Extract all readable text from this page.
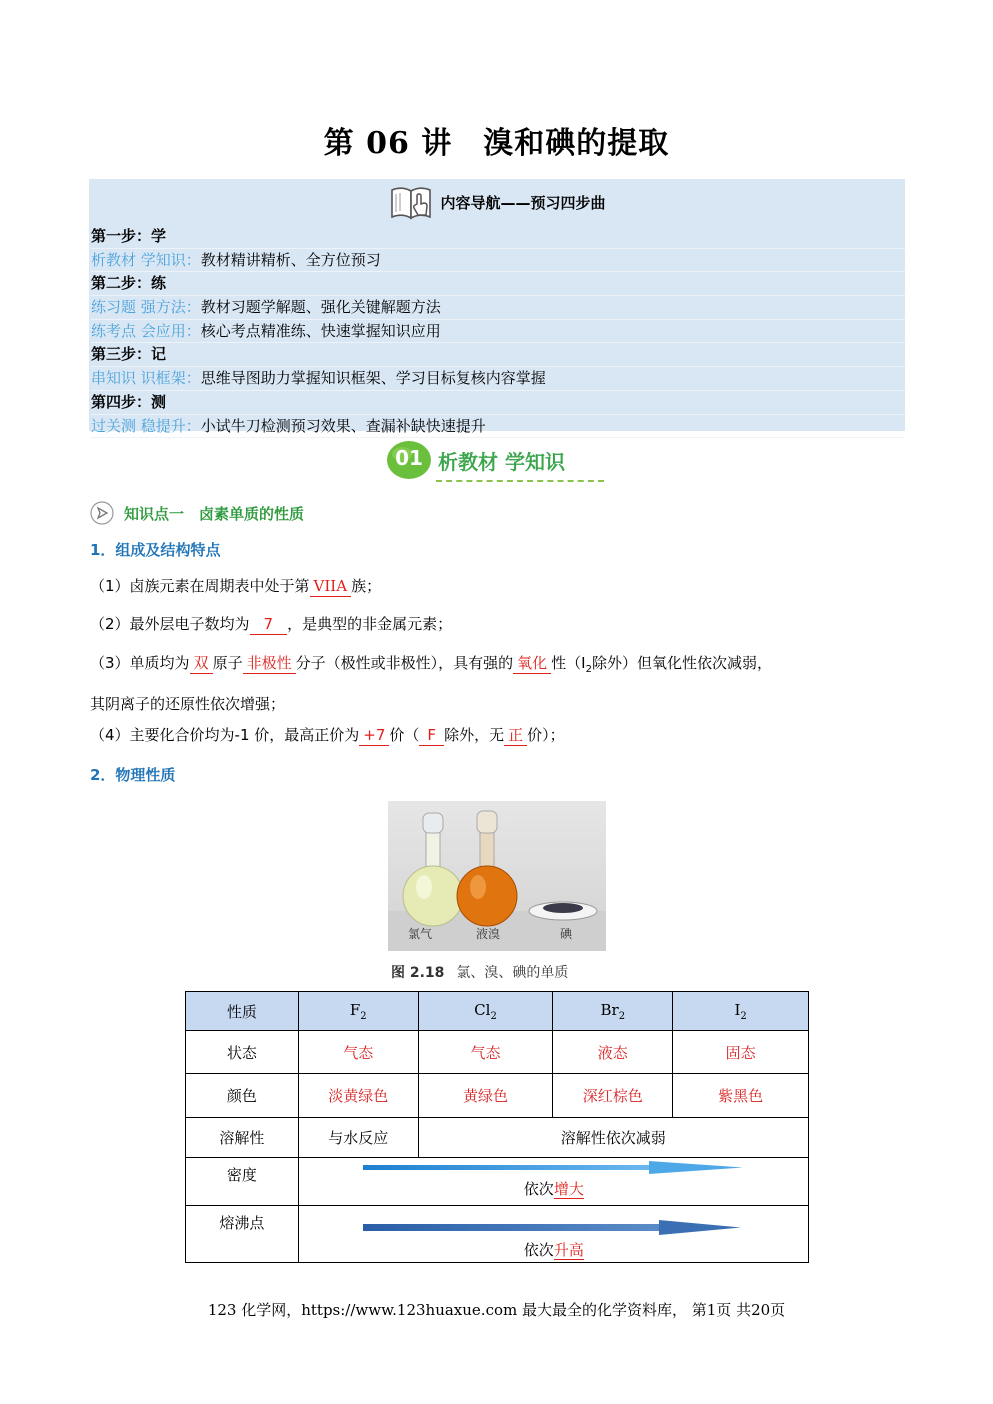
第 06 讲　溴和碘的提取
内容导航——预习四步曲
第一步：学
析教材 学知识：教材精讲精析、全方位预习
第二步：练
练习题 强方法：教材习题学解题、强化关键解题方法
练考点 会应用：核心考点精准练、快速掌握知识应用
第三步：记
串知识 识框架：思维导图助力掌握知识框架、学习目标复核内容掌握
第四步：测
过关测 稳提升：小试牛刀检测预习效果、查漏补缺快速提升
01 析教材 学知识
知识点一　卤素单质的性质
1．组成及结构特点
（1）卤族元素在周期表中处于第 VIIA 族；
（2）最外层电子数均为 7 ，是典型的非金属元素；
（3）单质均为 双 原子 非极性 分子（极性或非极性），具有强的 氧化 性（$I_2$除外）但氧化性依次减弱，
其阴离子的还原性依次增强；
（4）主要化合价均为-1 价，最高正价为 +7 价（ F 除外，无 正 价）；
2．物理性质
氯气	液溴	碘
图 2.18 氯、溴、碘的单质
性质	$F_2$	$Cl_2$	$Br_2$	$I_2$
状态	气态	气态	液态	固态
颜色	淡黄绿色	黄绿色	深红棕色	紫黑色
溶解性	与水反应	溶解性依次减弱		
密度	依次增大			

熔沸点	依次升高			
123 化学网，https://www.123huaxue.com 最大最全的化学资料库， 第1页 共20页
